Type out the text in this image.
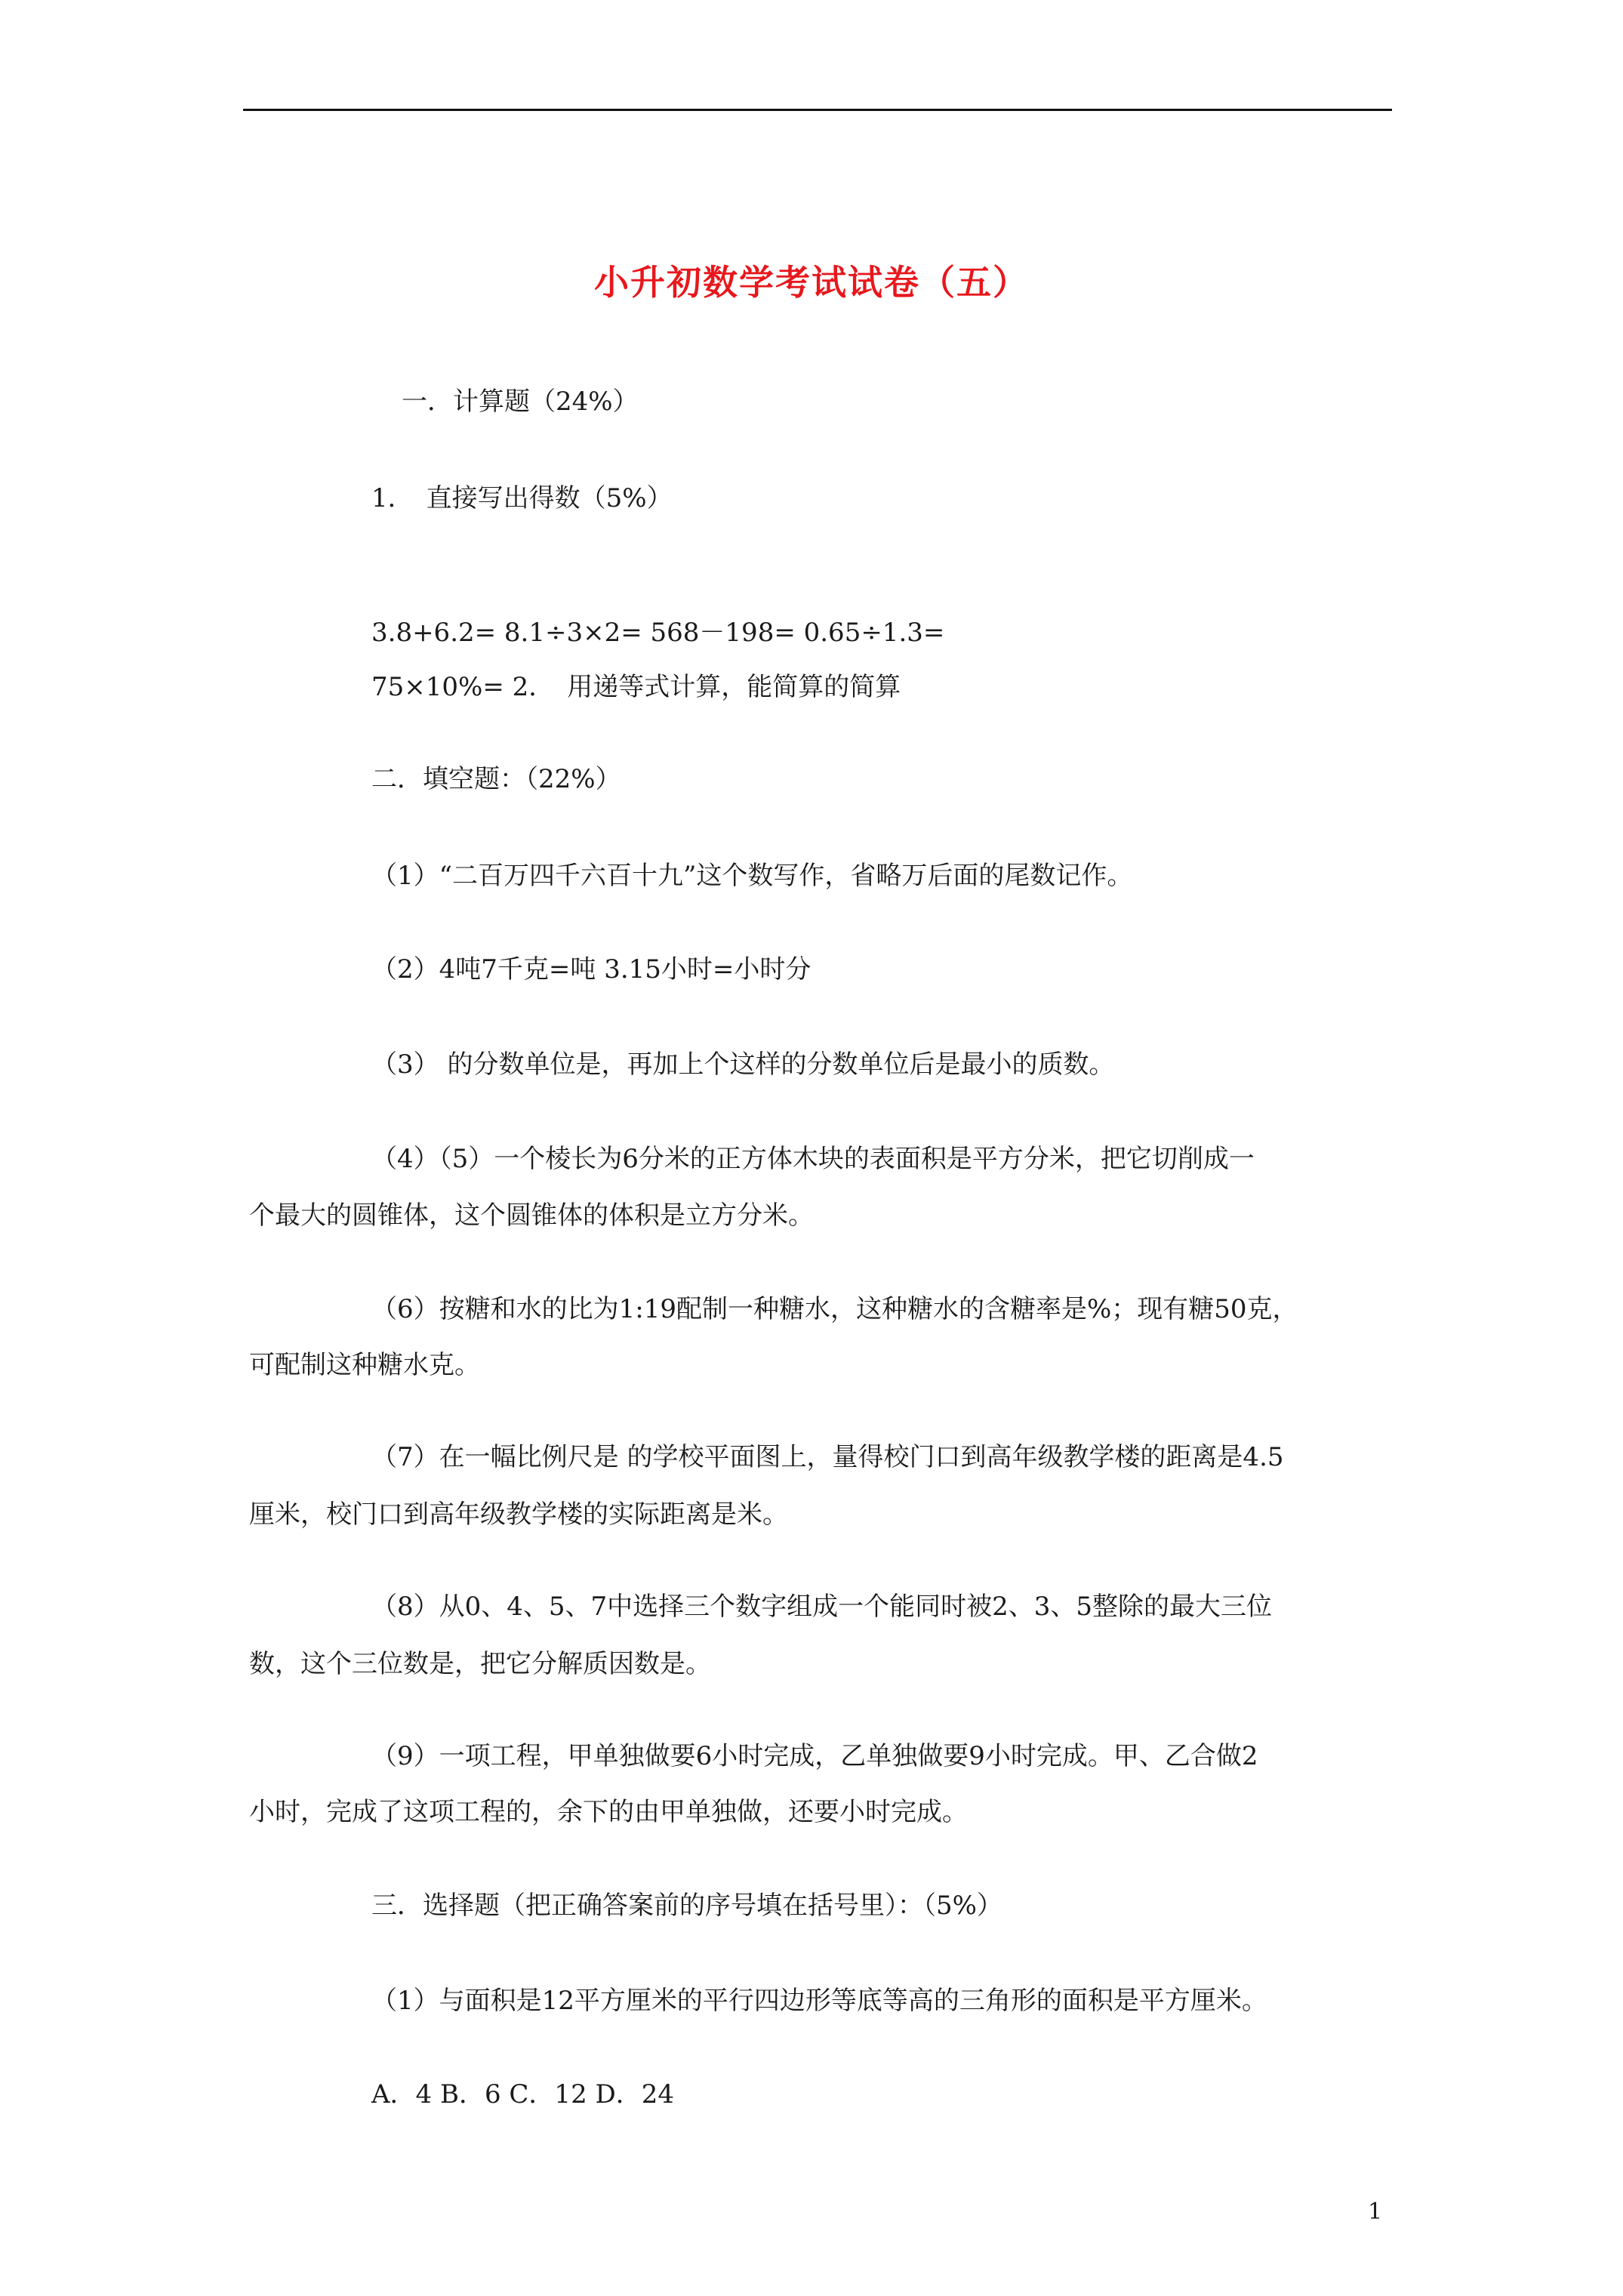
小升初数学考试试卷（五）
一．计算题（24%）
1．　直接写出得数（5%）
3.8+6.2= 8.1÷3×2= 568－198= 0.65÷1.3=
75×10%= 2．　用递等式计算，能简算的简算
二．填空题：（22%）
（1）“二百万四千六百十九”这个数写作，省略万后面的尾数记作。
（2）4吨7千克=吨 3.15小时=小时分
（3） 的分数单位是，再加上个这样的分数单位后是最小的质数。
（4）（5）一个棱长为6分米的正方体木块的表面积是平方分米，把它切削成一
个最大的圆锥体，这个圆锥体的体积是立方分米。
（6）按糖和水的比为1:19配制一种糖水，这种糖水的含糖率是%；现有糖50克，
可配制这种糖水克。
（7）在一幅比例尺是 的学校平面图上，量得校门口到高年级教学楼的距离是4.5
厘米，校门口到高年级教学楼的实际距离是米。
（8）从0、4、5、7中选择三个数字组成一个能同时被2、3、5整除的最大三位
数，这个三位数是，把它分解质因数是。
（9）一项工程，甲单独做要6小时完成，乙单独做要9小时完成。甲、乙合做2
小时，完成了这项工程的，余下的由甲单独做，还要小时完成。
三．选择题（把正确答案前的序号填在括号里）：（5%）
（1）与面积是12平方厘米的平行四边形等底等高的三角形的面积是平方厘米。
A．4 B．6 C．12 D．24
1
